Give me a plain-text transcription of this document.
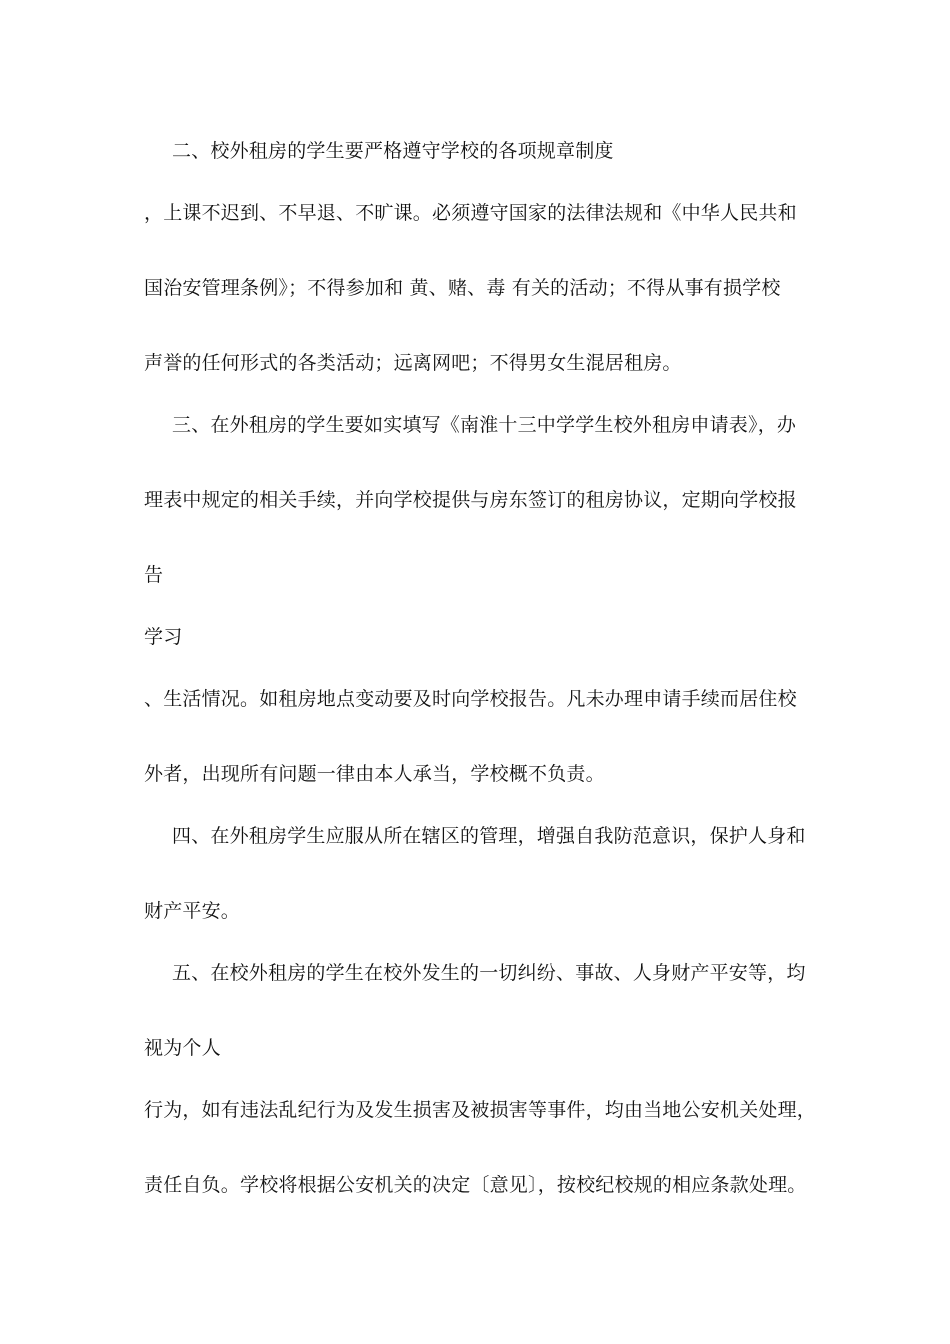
二、校外租房的学生要严格遵守学校的各项规章制度
，上课不迟到、不早退、不旷课。必须遵守国家的法律法规和《中华人民共和
国治安管理条例》；不得参加和 黄、赌、毒 有关的活动；不得从事有损学校
声誉的任何形式的各类活动；远离网吧；不得男女生混居租房。
三、在外租房的学生要如实填写《南淮十三中学学生校外租房申请表》，办
理表中规定的相关手续，并向学校提供与房东签订的租房协议，定期向学校报
告
学习
、生活情况。如租房地点变动要及时向学校报告。凡未办理申请手续而居住校
外者，出现所有问题一律由本人承当，学校概不负责。
四、在外租房学生应服从所在辖区的管理，增强自我防范意识，保护人身和
财产平安。
五、在校外租房的学生在校外发生的一切纠纷、事故、人身财产平安等，均
视为个人
行为，如有违法乱纪行为及发生损害及被损害等事件，均由当地公安机关处理，
责任自负。学校将根据公安机关的决定〔意见〕，按校纪校规的相应条款处理。
